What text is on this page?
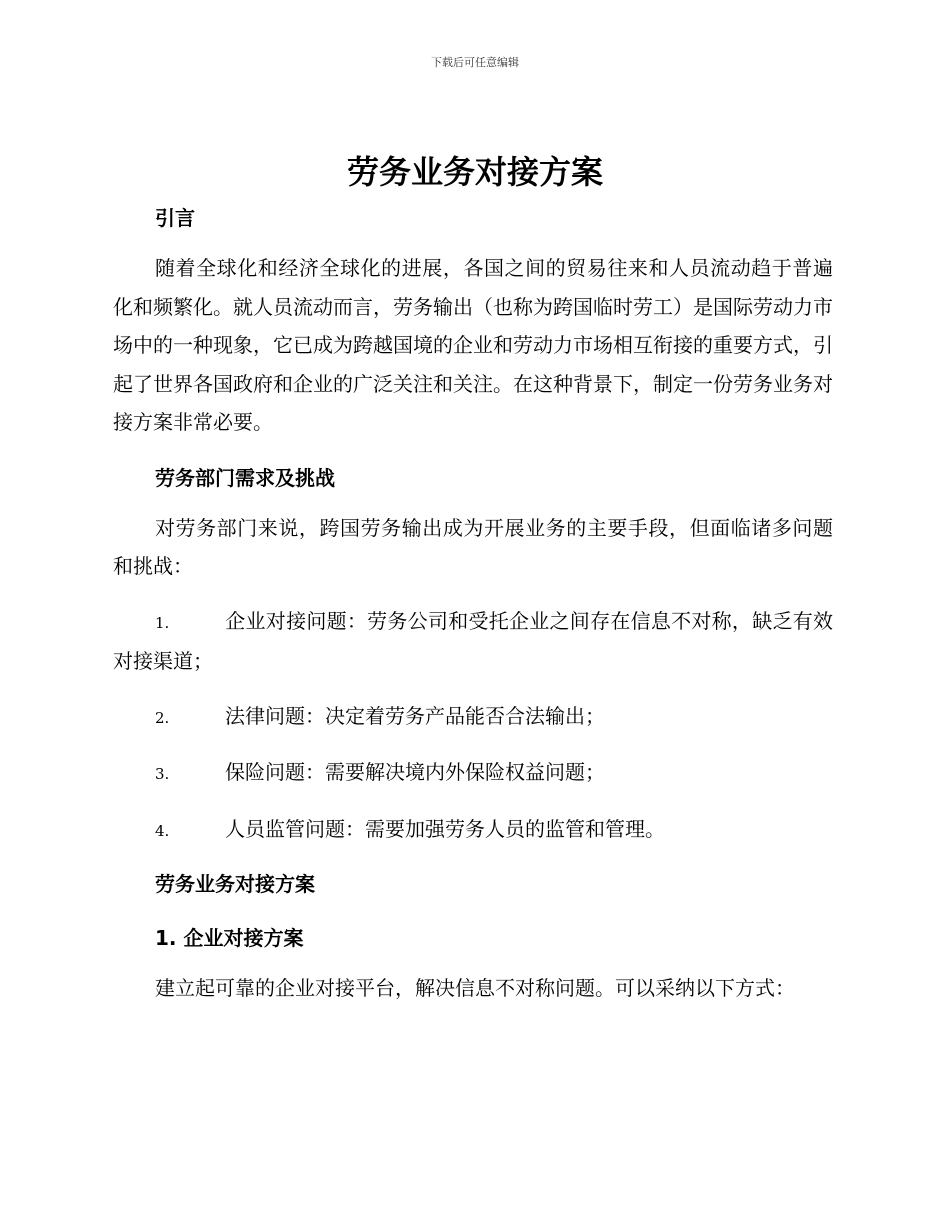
下载后可任意编辑
劳务业务对接方案

引言

随着全球化和经济全球化的进展，各国之间的贸易往来和人员流动趋于普遍化和频繁化。就人员流动而言，劳务输出（也称为跨国临时劳工）是国际劳动力市场中的一种现象，它已成为跨越国境的企业和劳动力市场相互衔接的重要方式，引起了世界各国政府和企业的广泛关注和关注。在这种背景下，制定一份劳务业务对接方案非常必要。

劳务部门需求及挑战

对劳务部门来说，跨国劳务输出成为开展业务的主要手段，但面临诸多问题和挑战：

1.	企业对接问题：劳务公司和受托企业之间存在信息不对称，缺乏有效对接渠道；

2.	法律问题：决定着劳务产品能否合法输出；

3.	保险问题：需要解决境内外保险权益问题；

4.	人员监管问题：需要加强劳务人员的监管和管理。

劳务业务对接方案

1. 企业对接方案

建立起可靠的企业对接平台，解决信息不对称问题。可以采纳以下方式：
